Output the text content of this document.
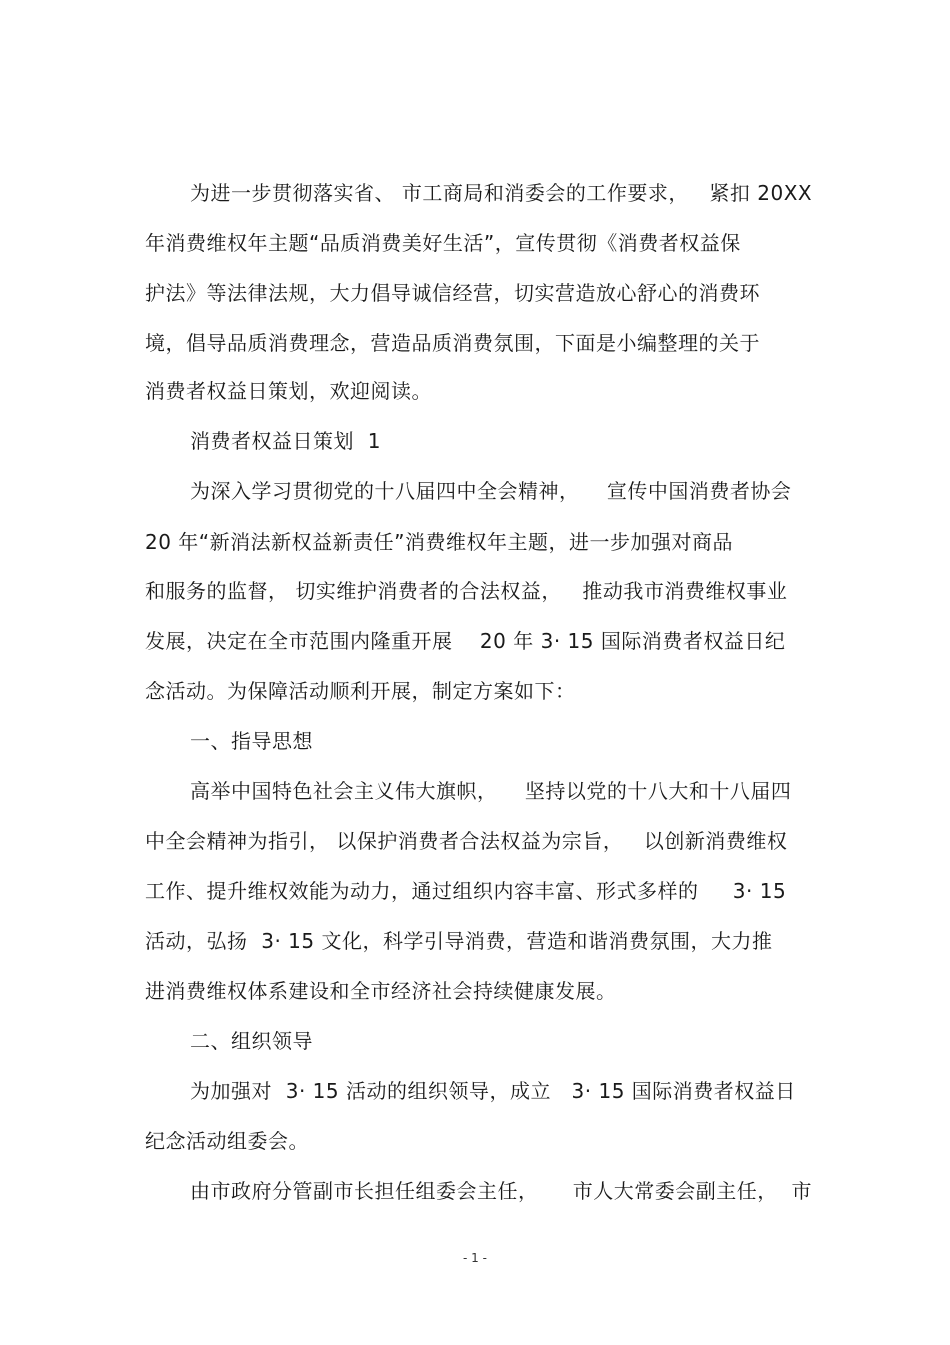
为进一步贯彻落实省、 市工商局和消委会的工作要求，   紧扣 20XX
年消费维权年主题“品质消费美好生活”，宣传贯彻《消费者权益保
护法》等法律法规，大力倡导诚信经营，切实营造放心舒心的消费环
境，倡导品质消费理念，营造品质消费氛围，下面是小编整理的关于
消费者权益日策划，欢迎阅读。
消费者权益日策划  1
为深入学习贯彻党的十八届四中全会精神，    宣传中国消费者协会
20 年“新消法新权益新责任”消费维权年主题，进一步加强对商品
和服务的监督， 切实维护消费者的合法权益，   推动我市消费维权事业
发展，决定在全市范围内隆重开展    20 年 3· 15 国际消费者权益日纪
念活动。为保障活动顺利开展，制定方案如下：
一、指导思想
高举中国特色社会主义伟大旗帜，    坚持以党的十八大和十八届四
中全会精神为指引， 以保护消费者合法权益为宗旨，   以创新消费维权
工作、提升维权效能为动力，通过组织内容丰富、形式多样的     3· 15
活动，弘扬  3· 15 文化，科学引导消费，营造和谐消费氛围，大力推
进消费维权体系建设和全市经济社会持续健康发展。
二、组织领导
为加强对  3· 15 活动的组织领导，成立   3· 15 国际消费者权益日
纪念活动组委会。
由市政府分管副市长担任组委会主任，     市人大常委会副主任，  市
- 1 -
